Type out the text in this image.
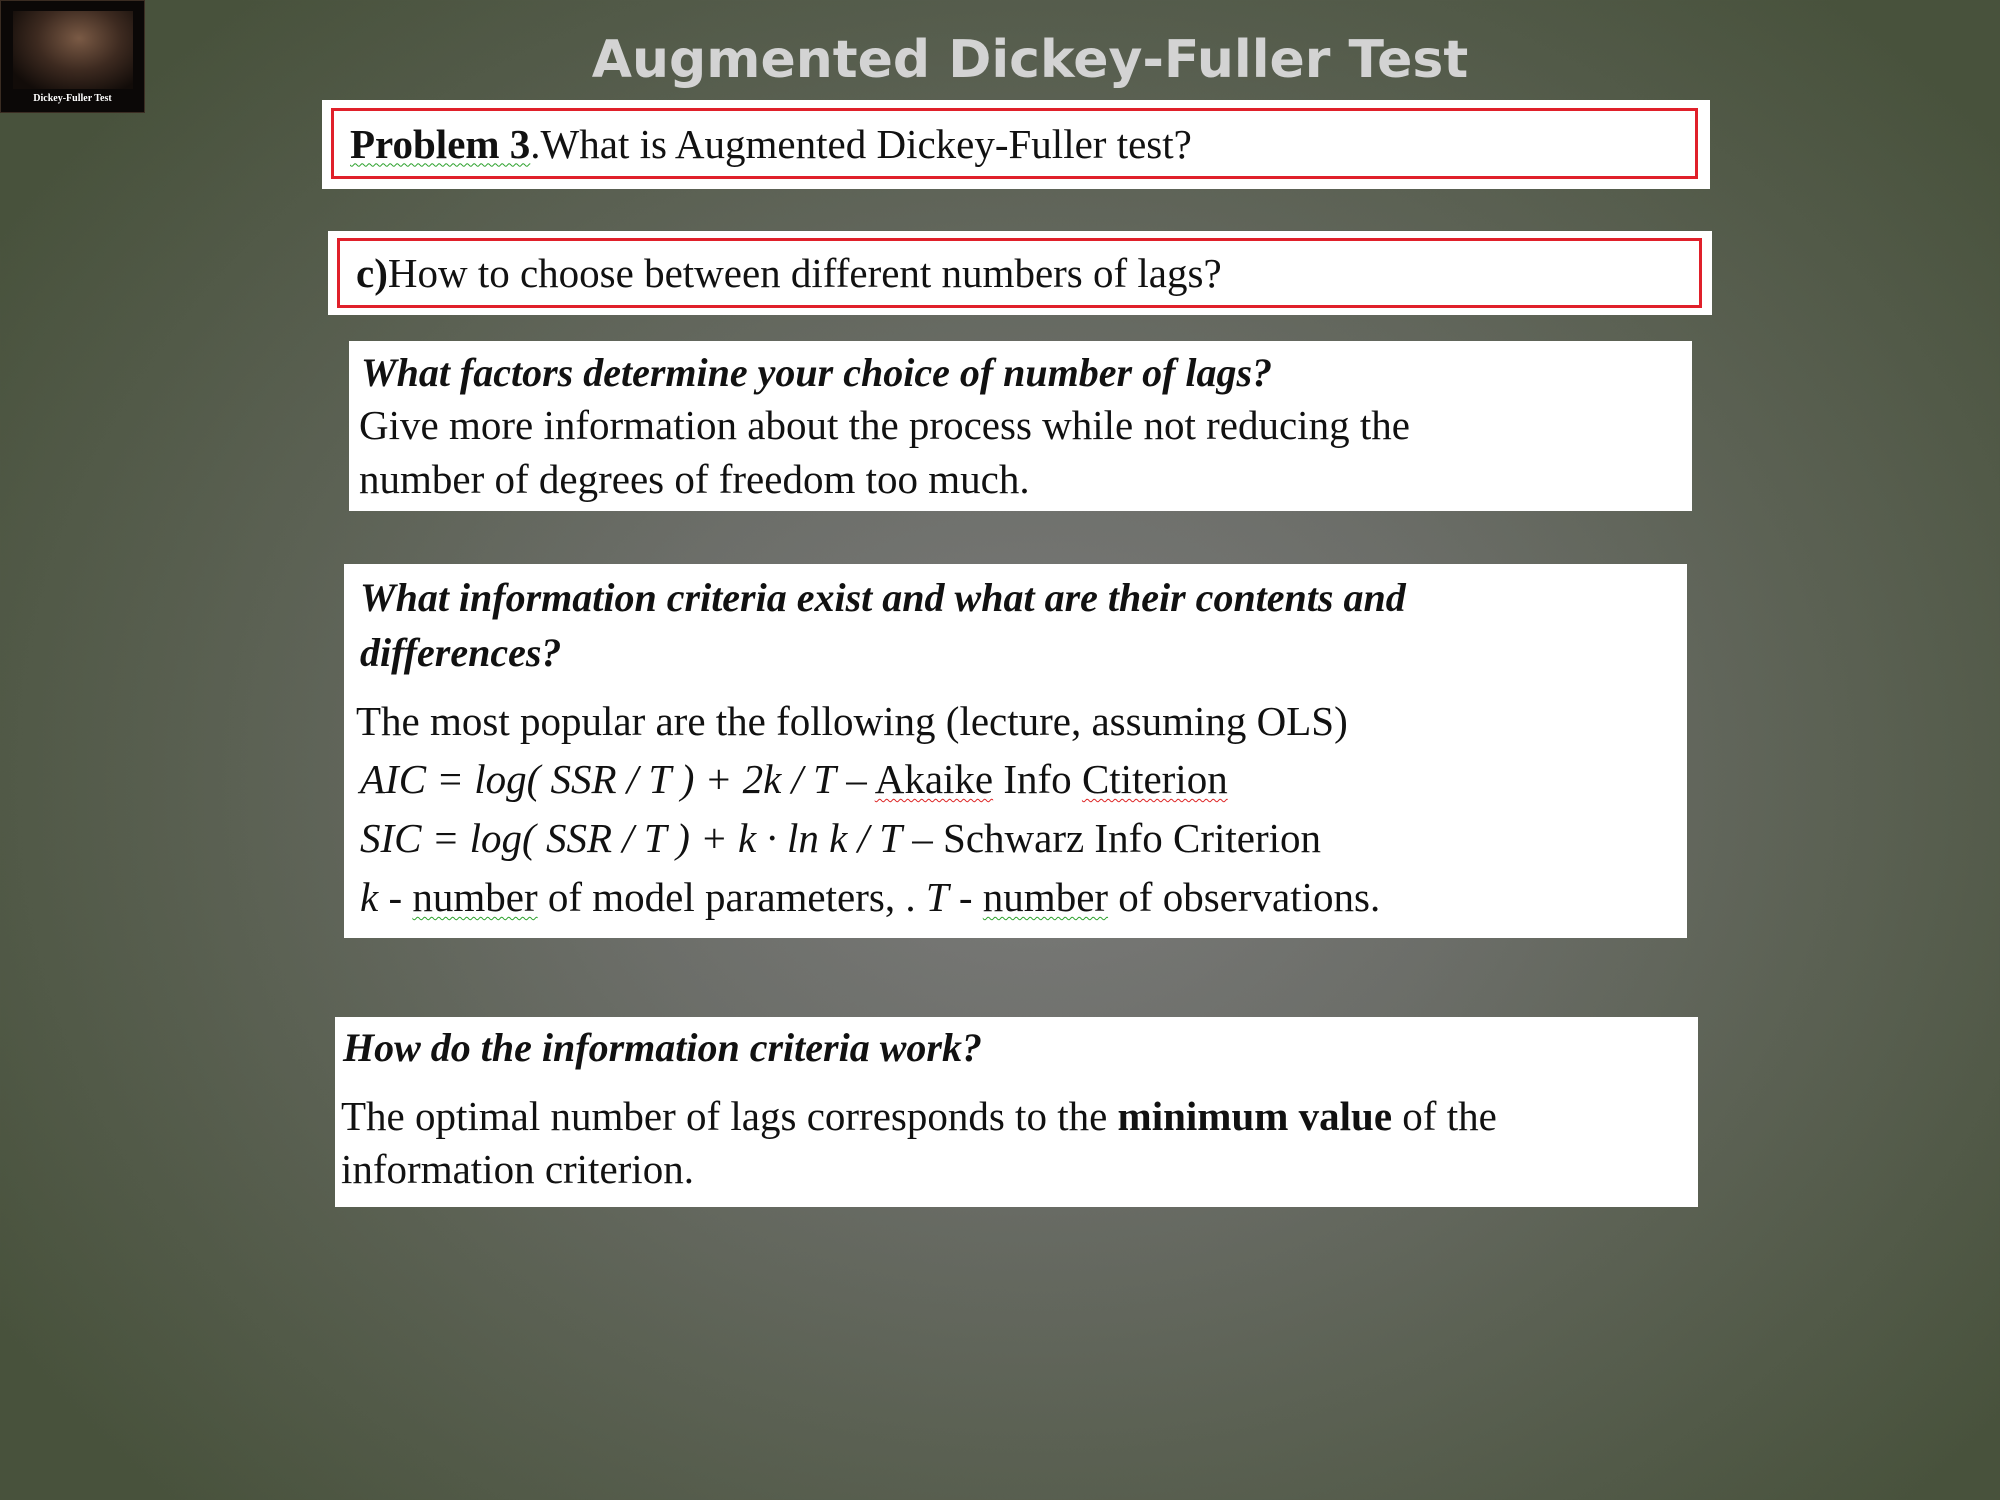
Dickey-Fuller Test
Augmented Dickey-Fuller Test
Problem 3 . What is Augmented Dickey-Fuller test?
c) How to choose between different numbers of lags?
What factors determine your choice of number of lags?
Give more information about the process while not reducing the
number of degrees of freedom too much.
What information criteria exist and what are their contents and
differences?
The most popular are the following (lecture, assuming OLS)
AIC = log( SSR / T ) + 2k / T – Akaike Info Ctiterion
SIC = log( SSR / T ) + k · ln k / T – Schwarz Info Criterion
k - number of model parameters, . T - number of observations.
How do the information criteria work?
The optimal number of lags corresponds to the minimum value of the
information criterion.
